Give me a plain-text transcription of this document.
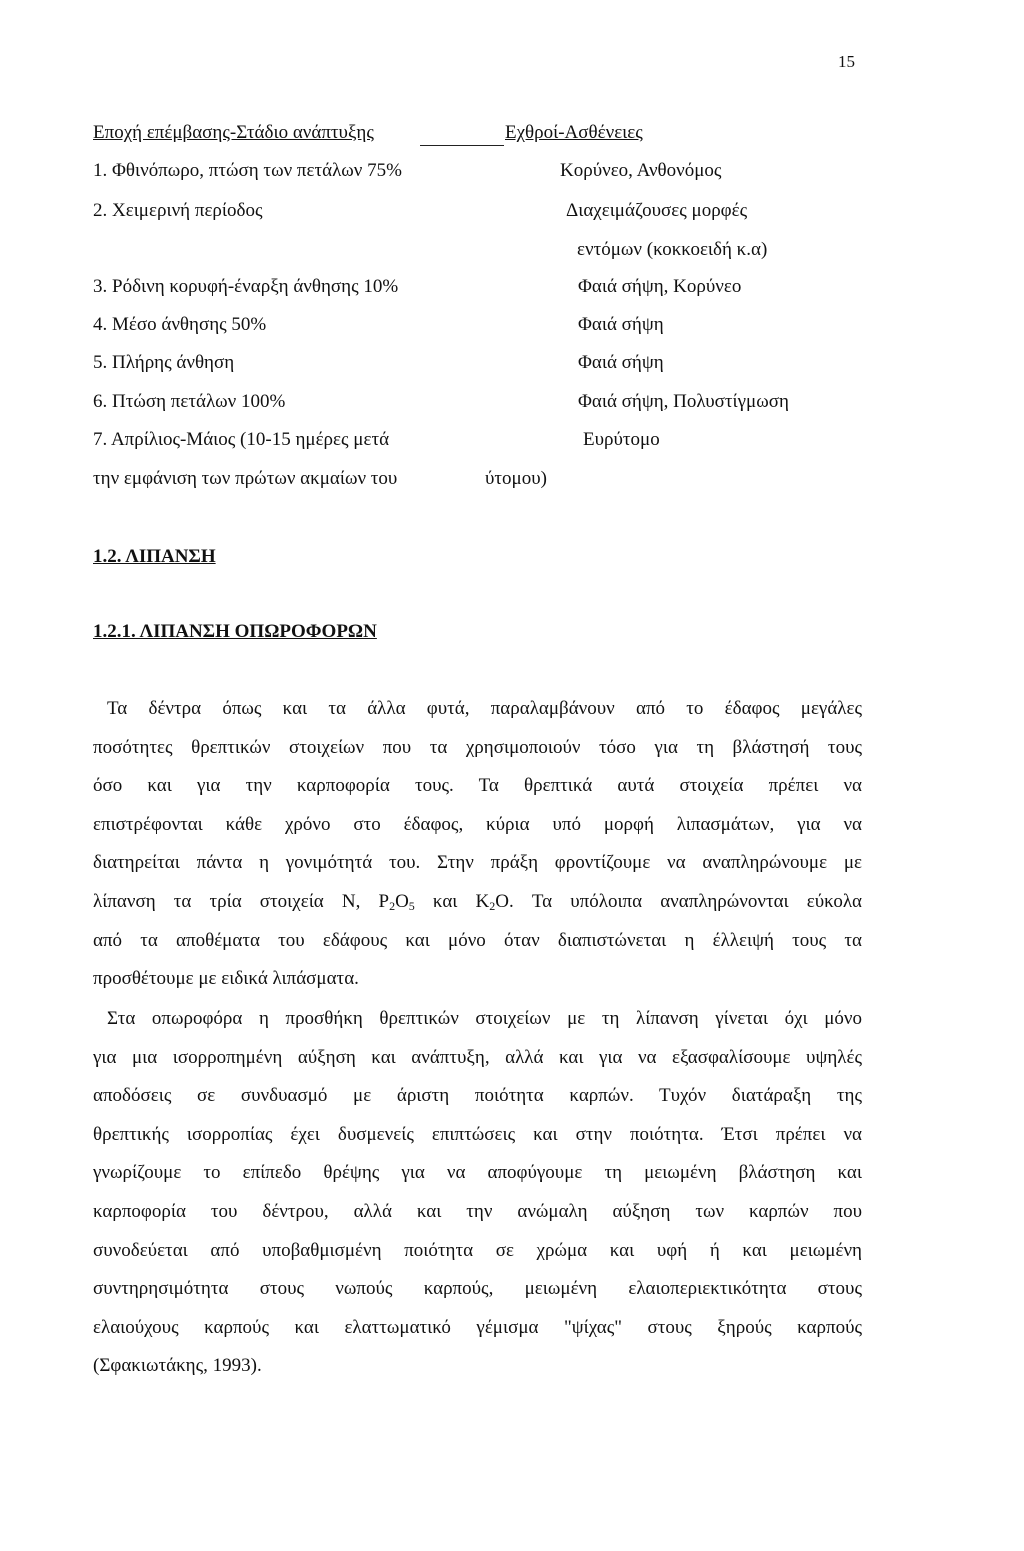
15
Εποχή επέμβασης-Στάδιο ανάπτυξης	Εχθροί-Ασθένειες
1. Φθινόπωρο, πτώση των πετάλων 75%	Κορύνεο, Ανθονόμος
2. Χειμερινή περίοδος	Διαχειμάζουσες μορφές
εντόμων (κοκκοειδή κ.α)
3. Ρόδινη κορυφή-έναρξη άνθησης 10%	Φαιά σήψη, Κορύνεο
4. Μέσο άνθησης 50%	Φαιά σήψη
5. Πλήρης άνθηση	Φαιά σήψη
6. Πτώση πετάλων 100%	Φαιά σήψη, Πολυστίγμωση
7. Απρίλιος-Μάιος (10-15 ημέρες μετά	Ευρύτομο
την εμφάνιση των πρώτων ακμαίων του	ύτομου)
1.2. ΛΙΠΑΝΣΗ
1.2.1. ΛΙΠΑΝΣΗ ΟΠΩΡΟΦΟΡΩΝ
Τα δέντρα όπως και τα άλλα φυτά, παραλαμβάνουν από το έδαφος μεγάλες
ποσότητες θρεπτικών στοιχείων που τα χρησιμοποιούν τόσο για τη βλάστησή τους
όσο και για την καρποφορία τους. Τα θρεπτικά αυτά στοιχεία πρέπει να
επιστρέφονται κάθε χρόνο στο έδαφος, κύρια υπό μορφή λιπασμάτων, για να
διατηρείται πάντα η γονιμότητά του. Στην πράξη φροντίζουμε να αναπληρώνουμε με
λίπανση τα τρία στοιχεία N, $P_2O_5$ και $K_2O$. Τα υπόλοιπα αναπληρώνονται εύκολα
από τα αποθέματα του εδάφους και μόνο όταν διαπιστώνεται η έλλειψή τους τα
προσθέτουμε με ειδικά λιπάσματα.
Στα οπωροφόρα η προσθήκη θρεπτικών στοιχείων με τη λίπανση γίνεται όχι μόνο
για μια ισορροπημένη αύξηση και ανάπτυξη, αλλά και για να εξασφαλίσουμε υψηλές
αποδόσεις σε συνδυασμό με άριστη ποιότητα καρπών. Τυχόν διατάραξη της
θρεπτικής ισορροπίας έχει δυσμενείς επιπτώσεις και στην ποιότητα. Έτσι πρέπει να
γνωρίζουμε το επίπεδο θρέψης για να αποφύγουμε τη μειωμένη βλάστηση και
καρποφορία του δέντρου, αλλά και την ανώμαλη αύξηση των καρπών που
συνοδεύεται από υποβαθμισμένη ποιότητα σε χρώμα και υφή ή και μειωμένη
συντηρησιμότητα στους νωπούς καρπούς, μειωμένη ελαιοπεριεκτικότητα στους
ελαιούχους καρπούς και ελαττωματικό γέμισμα "ψίχας" στους ξηρούς καρπούς
(Σφακιωτάκης, 1993).
